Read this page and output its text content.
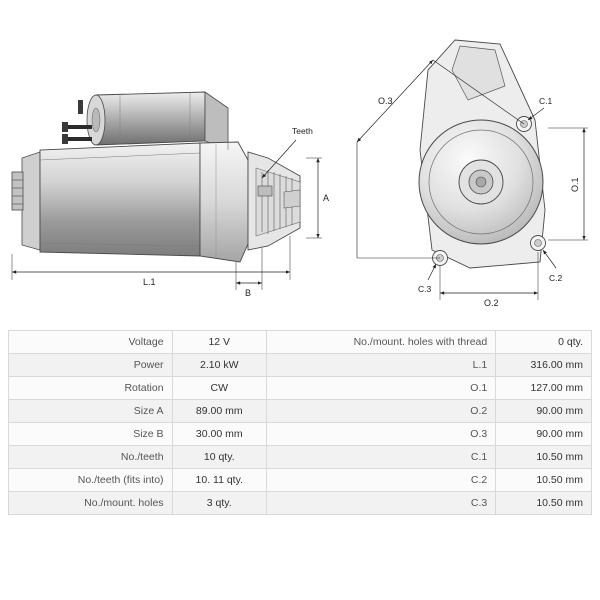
Teeth
A
L.1
B
C.1
C.2
C.3
O.3
O.1
O.2
Voltage	12 V	No./mount. holes with thread	0 qty.
Power	2.10 kW	L.1	316.00 mm
Rotation	CW	O.1	127.00 mm
Size A	89.00 mm	O.2	90.00 mm
Size B	30.00 mm	O.3	90.00 mm
No./teeth	10 qty.	C.1	10.50 mm
No./teeth (fits into)	10. 11 qty.	C.2	10.50 mm
No./mount. holes	3 qty.	C.3	10.50 mm
